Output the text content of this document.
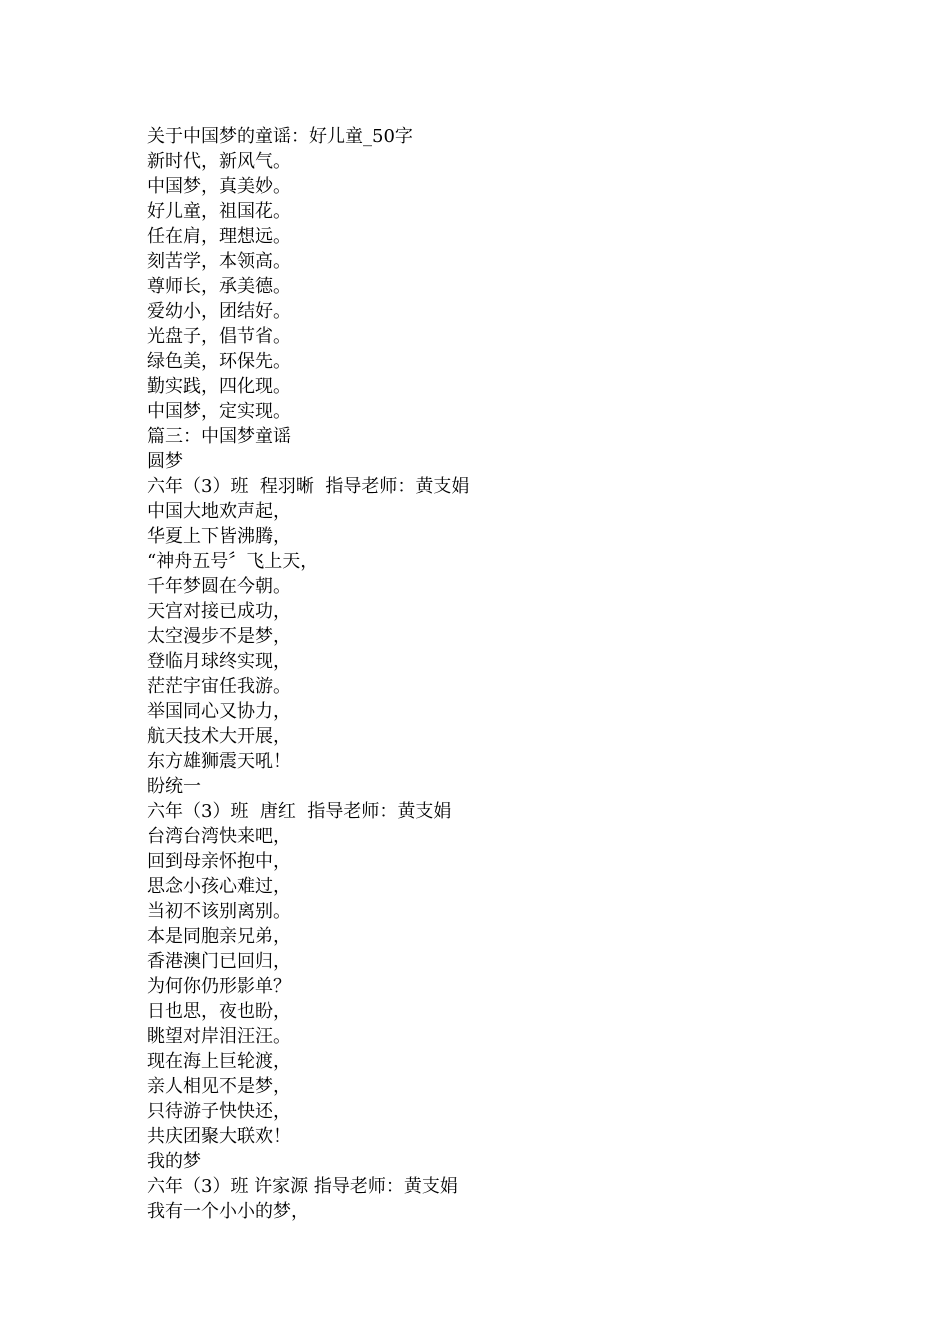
关于中国梦的童谣：好儿童_50字
新时代，新风气。
中国梦，真美妙。
好儿童，祖国花。
任在肩，理想远。
刻苦学，本领高。
尊师长，承美德。
爱幼小，团结好。
光盘子，倡节省。
绿色美，环保先。
勤实践，四化现。
中国梦，定实现。
篇三：中国梦童谣
圆梦
六年（3）班  程羽晰  指导老师：黄支娟
中国大地欢声起，
华夏上下皆沸腾，
“神舟五号〞飞上天，
千年梦圆在今朝。
天宫对接已成功，
太空漫步不是梦，
登临月球终实现，
茫茫宇宙任我游。
举国同心又协力，
航天技术大开展，
东方雄狮震天吼！
盼统一
六年（3）班  唐红  指导老师：黄支娟
台湾台湾快来吧，
回到母亲怀抱中，
思念小孩心难过，
当初不该别离别。
本是同胞亲兄弟，
香港澳门已回归，
为何你仍形影单？
日也思，夜也盼，
眺望对岸泪汪汪。
现在海上巨轮渡，
亲人相见不是梦，
只待游子快快还，
共庆团聚大联欢！
我的梦
六年（3）班 许家源 指导老师：黄支娟
我有一个小小的梦，
